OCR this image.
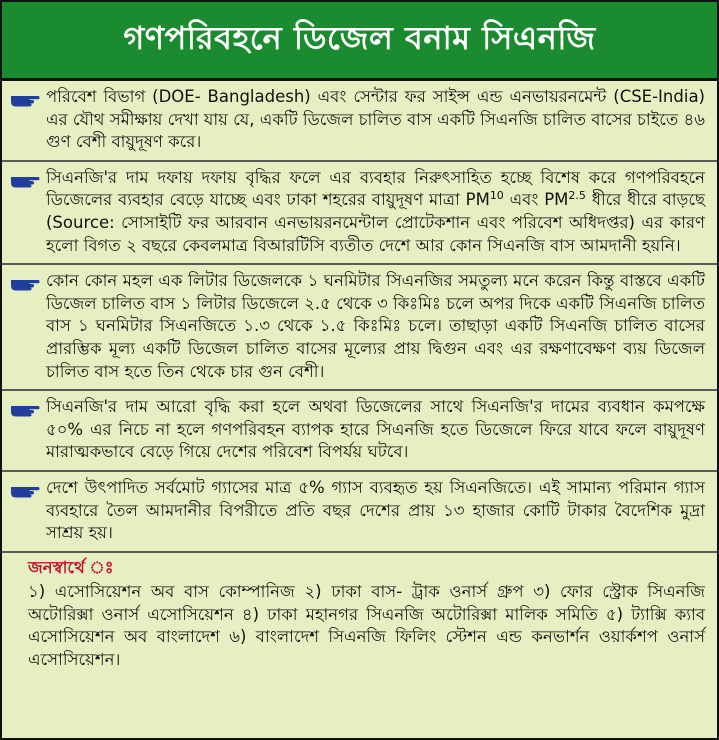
গণপরিবহনে ডিজেল বনাম সিএনজি
পরিবেশ বিভাগ (DOE- Bangladesh) এবং সেন্টার ফর সাইন্স এন্ড এনভায়রনমেন্ট (CSE-India) এর যৌথ সমীক্ষায় দেখা যায় যে, একটি ডিজেল চালিত বাস একটি সিএনজি চালিত বাসের চাইতে ৪৬ গুণ বেশী বায়ুদূষণ করে।
সিএনজি'র দাম দফায় দফায় বৃদ্ধির ফলে এর ব্যবহার নিরুৎসাহিত হচ্ছে বিশেষ করে গণপরিবহনে ডিজেলের ব্যবহার বেড়ে যাচ্ছে এবং ঢাকা শহরের বায়ুদূষণ মাত্রা PM$^{10}$ এবং $PM^{2.5}$ ধীরে ধীরে বাড়ছে (Source: সোসাইটি ফর আরবান এনভায়রনমেন্টাল প্রোটেকশান এবং পরিবেশ অধিদপ্তর) এর কারণ হলো বিগত ২ বছরে কেবলমাত্র বিআরটিসি ব্যতীত দেশে আর কোন সিএনজি বাস আমদানী হয়নি।
কোন কোন মহল এক লিটার ডিজেলকে ১ ঘনমিটার সিএনজির সমতুল্য মনে করেন কিন্তু বাস্তবে একটি ডিজেল চালিত বাস ১ লিটার ডিজেলে ২.৫ থেকে ৩ কিঃমিঃ চলে অপর দিকে একটি সিএনজি চালিত বাস ১ ঘনমিটার সিএনজিতে ১.৩ থেকে ১.৫ কিঃমিঃ চলে। তাছাড়া একটি সিএনজি চালিত বাসের প্রারম্ভিক মূল্য একটি ডিজেল চালিত বাসের মূল্যের প্রায় দ্বিগুন এবং এর রক্ষণাবেক্ষণ ব্যয় ডিজেল চালিত বাস হতে তিন থেকে চার গুন বেশী।
সিএনজি'র দাম আরো বৃদ্ধি করা হলে অথবা ডিজেলের সাথে সিএনজি'র দামের ব্যবধান কমপক্ষে ৫০% এর নিচে না হলে গণপরিবহন ব্যাপক হারে সিএনজি হতে ডিজেলে ফিরে যাবে ফলে বায়ুদূষণ মারাত্মকভাবে বেড়ে গিয়ে দেশের পরিবেশ বিপর্যয় ঘটবে।
দেশে উৎপাদিত সর্বমোট গ্যাসের মাত্র ৫% গ্যাস ব্যবহৃত হয় সিএনজিতে। এই সামান্য পরিমান গ্যাস ব্যবহারে তৈল আমদানীর বিপরীতে প্রতি বছর দেশের প্রায় ১৩ হাজার কোটি টাকার বৈদেশিক মুদ্রা সাশ্রয় হয়।
জনস্বার্থে ঃ
১) এসোসিয়েশন অব বাস কোম্পানিজ ২) ঢাকা বাস- ট্রাক ওনার্স গ্রুপ ৩) ফোর স্ট্রোক সিএনজি অটোরিক্সা ওনার্স এসোসিয়েশন ৪) ঢাকা মহানগর সিএনজি অটোরিক্সা মালিক সমিতি ৫) ট্যাক্সি ক্যাব এসোসিয়েশন অব বাংলাদেশ ৬) বাংলাদেশ সিএনজি ফিলিং স্টেশন এন্ড কনভার্শন ওয়ার্কশপ ওনার্স এসোসিয়েশন।
